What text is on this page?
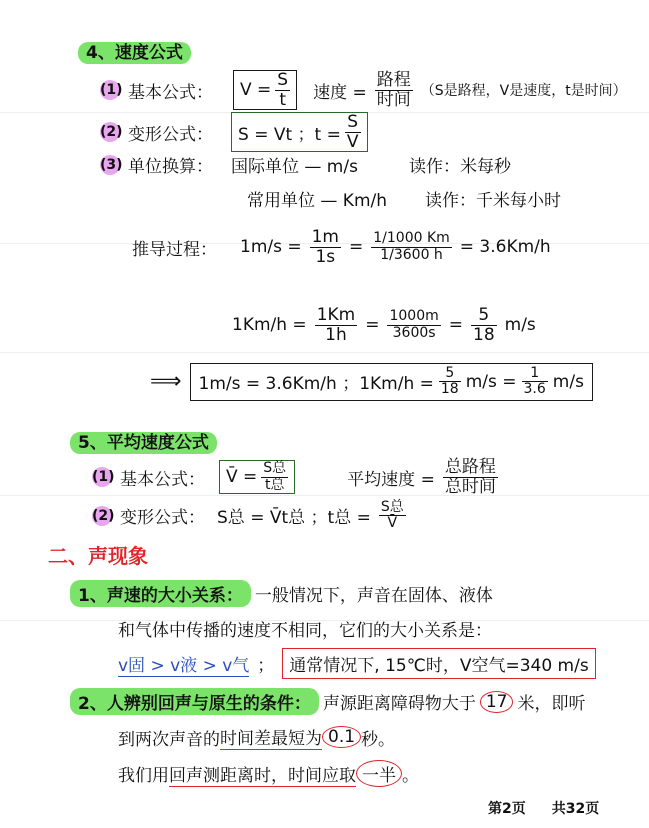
4、速度公式
(1) 基本公式： $V = \frac{S}{t}$ 速度 = $\frac{\text{路程}}{\text{时间}} (S$是路程，V是速度，t是时间）
(2) 变形公式： S = Vt ；$t = \frac{S}{V}$
(3) 单位换算： 国际单位 — m/s	读作：米每秒
常用单位 — Km/h	读作：千米每小时
推导过程：	$1m/s = \frac{1m}{1s} = \frac{1/1000 Km}{1/3600 h} = 3.6Km/h$
$1Km/h = \frac{1Km}{1h} = \frac{1000m}{3600s} = \frac{5}{18} m/s$
⟹ 1m/s = 3.6Km/h ；$1Km/h = \frac{5}{18} m/s = \frac{1}{3.6} m/s$
5、平均速度公式
(1) 基本公式： V̄ = $\frac{\text{S总}}{\text{t总}}$	平均速度 = $\frac{\text{总路程}}{\text{总时间}}$
(2) 变形公式： S总 = V̄t总 ；t总 = $\frac{\text{S总}}{V̄}$
二、声现象
1、声速的大小关系： 一般情况下，声音在固体、液体
和气体中传播的速度不相同，它们的大小关系是：
v固 > v液 > v气 ； 通常情况下, 15℃时，V空气=340 m/s
2、人辨别回声与原生的条件： 声源距离障碍物大于 17 米，即听
到两次声音的 时间差最短为 0.1 秒。
我们用 回声测距离时，时间应取 一半 。
第2页 共32页
